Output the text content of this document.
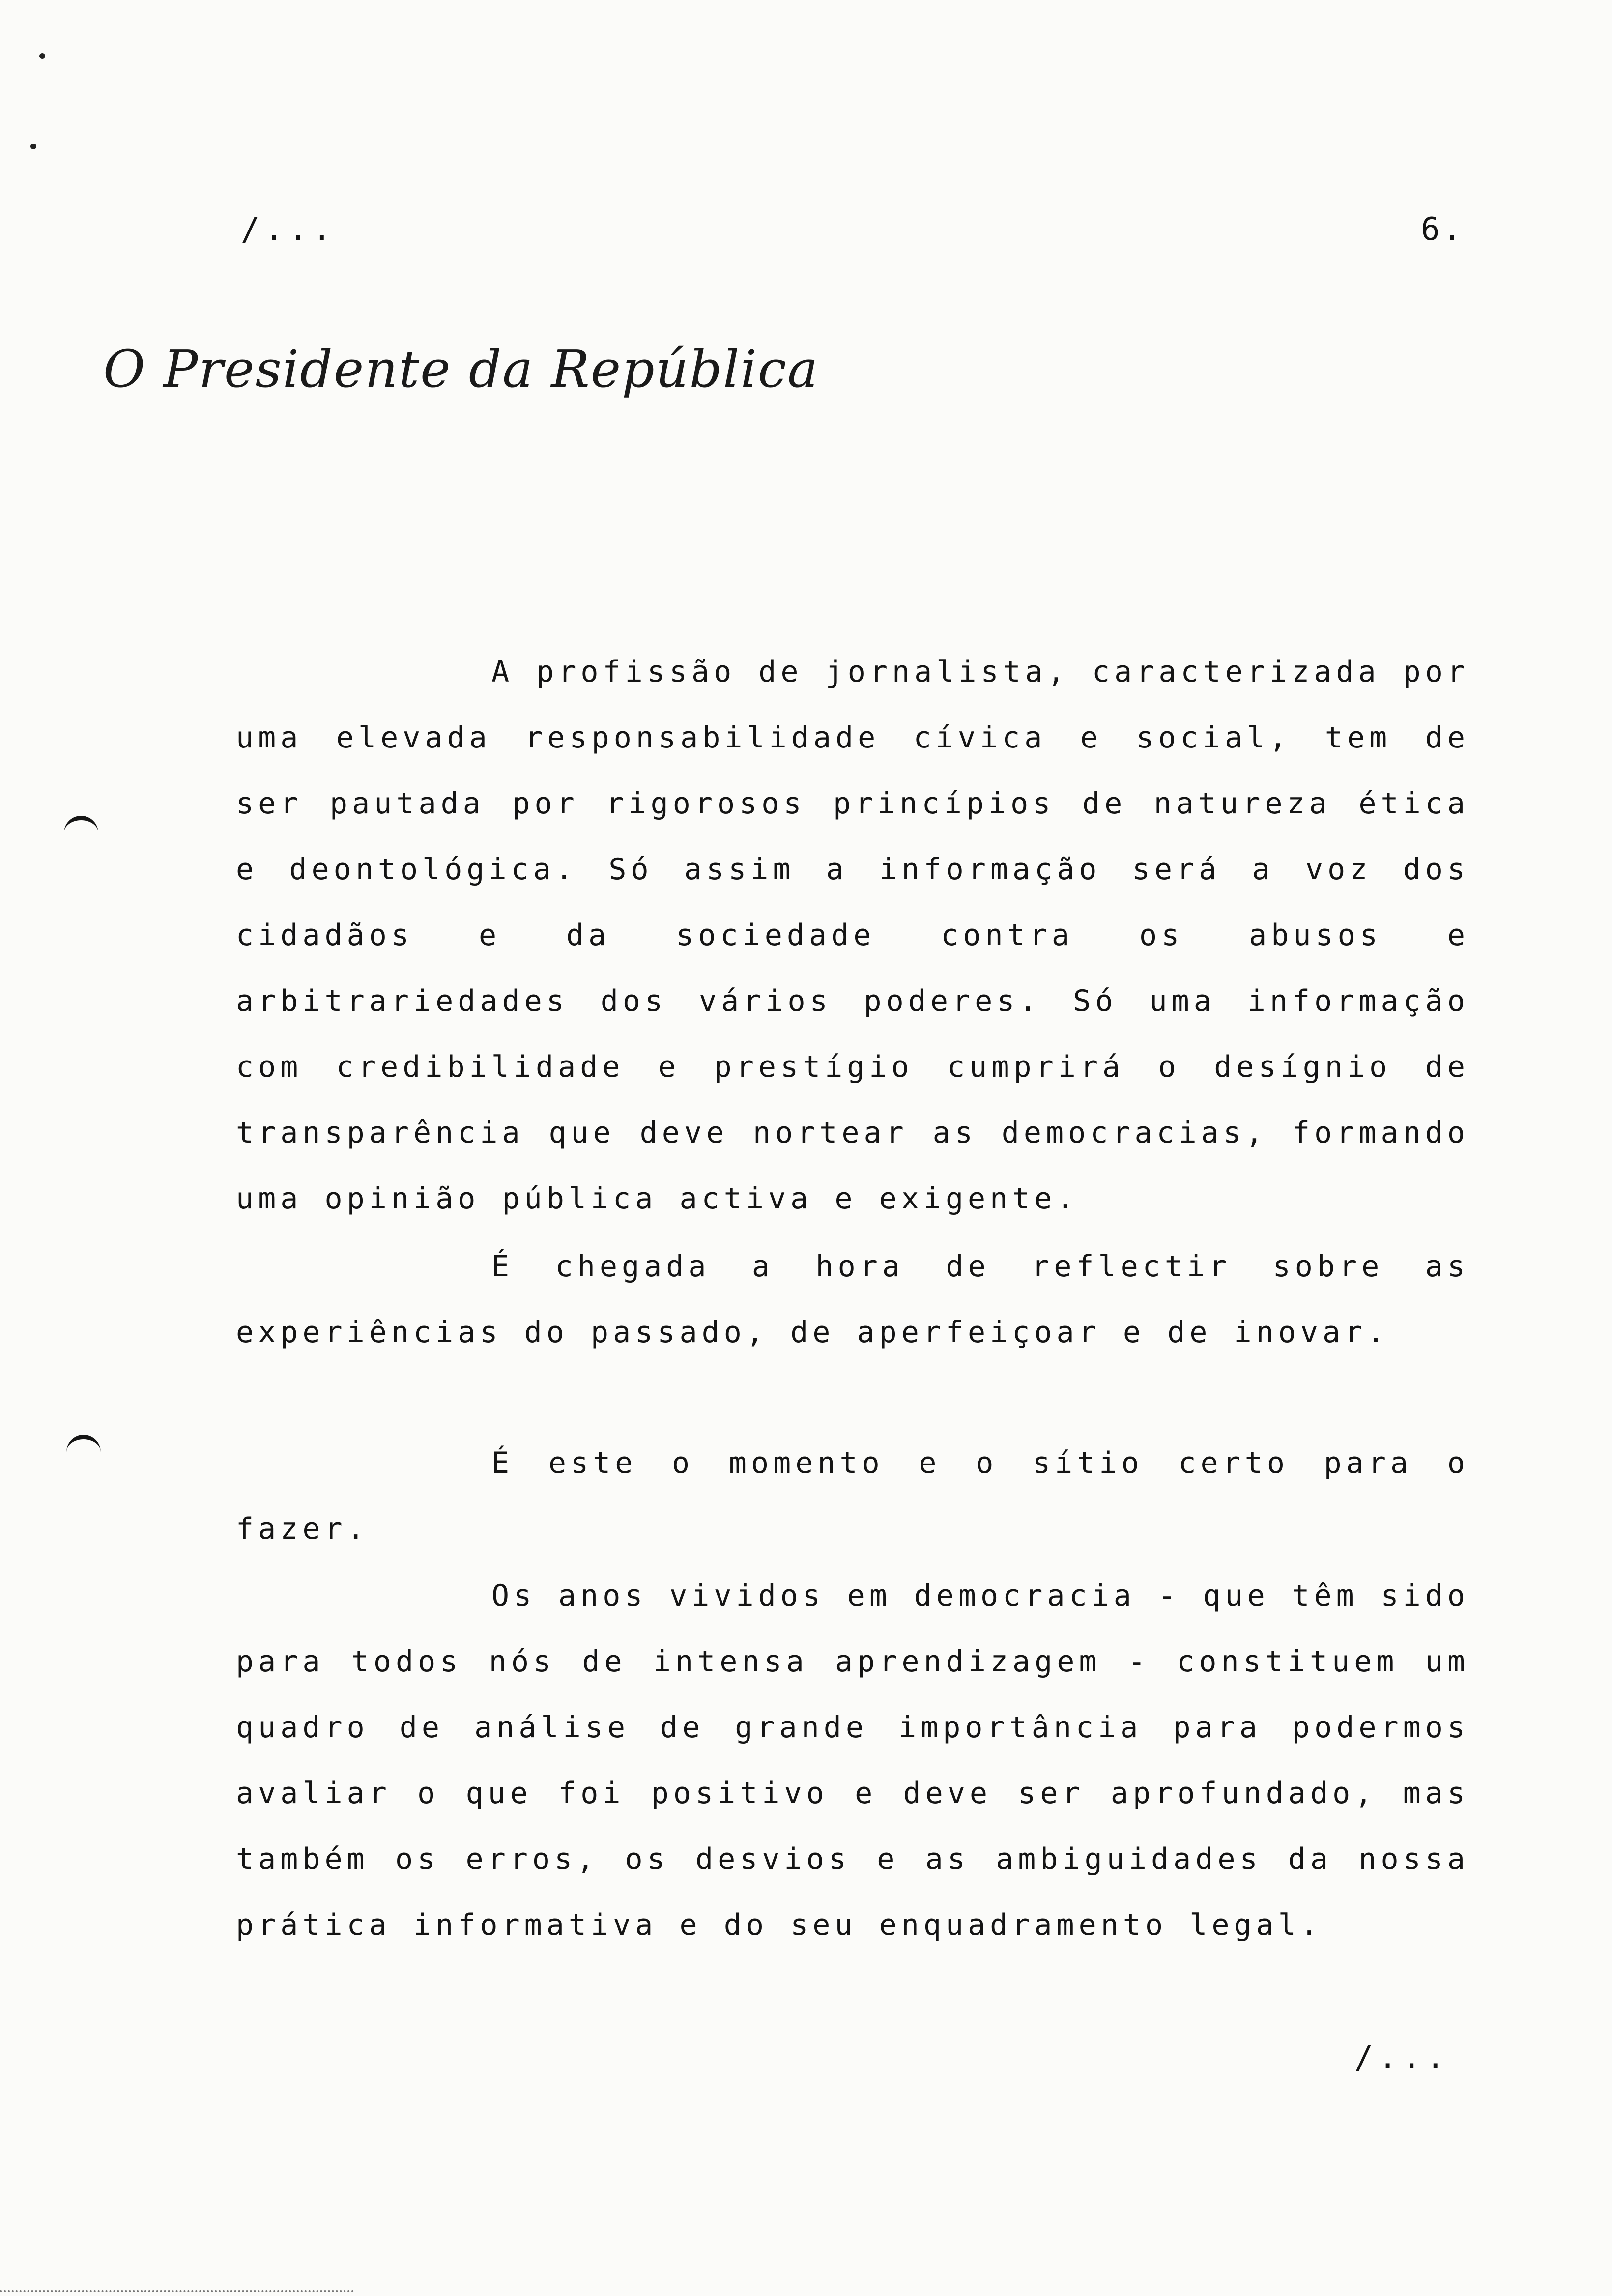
/...	6.
O Presidente da República

A profissão de jornalista, caracterizada por uma elevada responsabilidade cívica e social, tem de ser pautada por rigorosos princípios de natureza ética e deontológica. Só assim a informação será a voz dos cidadãos e da sociedade contra os abusos e arbitrariedades dos vários poderes. Só uma informação com credibilidade e prestígio cumprirá o desígnio de transparência que deve nortear as democracias, formando uma opinião pública activa e exigente.

É chegada a hora de reflectir sobre as experiências do passado, de aperfeiçoar e de inovar.

É este o momento e o sítio certo para o fazer.

Os anos vividos em democracia - que têm sido para todos nós de intensa aprendizagem - constituem um quadro de análise de grande importância para podermos avaliar o que foi positivo e deve ser aprofundado, mas também os erros, os desvios e as ambiguidades da nossa prática informativa e do seu enquadramento legal.

/...
